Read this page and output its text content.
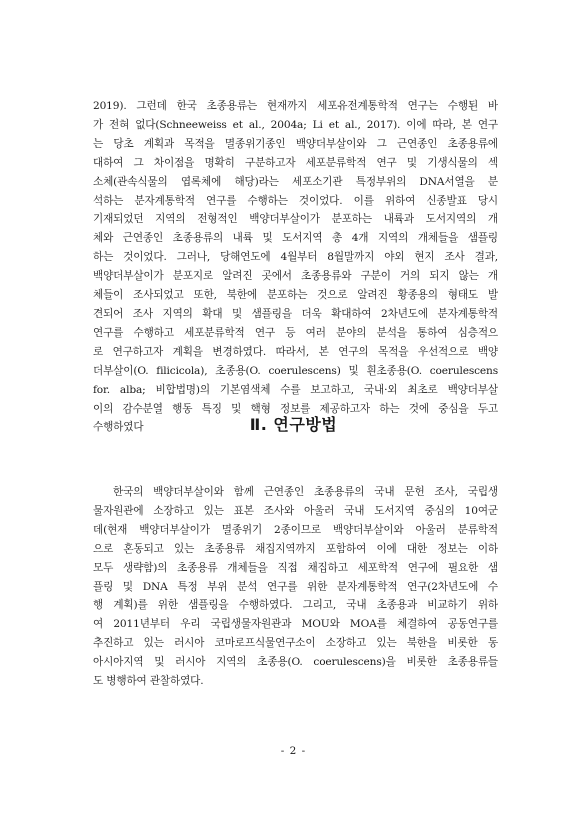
2019). 그런데 한국 초종용류는 현재까지 세포유전계통학적 연구는 수행된 바
가 전혀 없다(Schneeweiss et al., 2004a; Li et al., 2017). 이에 따라, 본 연구
는 당초 계획과 목적을 멸종위기종인 백양더부살이와 그 근연종인 초종용류에
대하여 그 차이점을 명확히 구분하고자 세포분류학적 연구 및 기생식물의 섹
소체(관속식물의 엽록체에 해당)라는 세포소기관 특정부위의 DNA서열을 분
석하는 분자계통학적 연구를 수행하는 것이었다. 이를 위하여 신종발표 당시
기재되었던 지역의 전형적인 백양더부살이가 분포하는 내륙과 도서지역의 개
체와 근연종인 초종용류의 내륙 및 도서지역 총 4개 지역의 개체들을 샘플링
하는 것이었다. 그러나, 당해연도에 4월부터 8월말까지 야외 현지 조사 결과,
백양더부살이가 분포지로 알려진 곳에서 초종용류와 구분이 거의 되지 않는 개
체들이 조사되었고 또한, 북한에 분포하는 것으로 알려진 황종용의 형태도 발
견되어 조사 지역의 확대 및 샘플링을 더욱 확대하여 2차년도에 분자계통학적
연구를 수행하고 세포분류학적 연구 등 여러 분야의 분석을 통하여 심층적으
로 연구하고자 계획을 변경하였다. 따라서, 본 연구의 목적을 우선적으로 백양
더부살이(O. filicicola), 초종용(O. coerulescens) 및 흰초종용(O. coerulescens
for. alba; 비합법명)의 기본염색체 수를 보고하고, 국내·외 최초로 백양더부살
이의 감수분열 행동 특징 및 핵형 정보를 제공하고자 하는 것에 중심을 두고
수행하였다	Ⅱ. 연구방법
한국의 백양더부살이와 함께 근연종인 초종용류의 국내 문헌 조사, 국립생
물자원관에 소장하고 있는 표본 조사와 아울러 국내 도서지역 중심의 10여군
데(현재 백양더부살이가 멸종위기 2종이므로 백양더부살이와 아울러 분류학적
으로 혼동되고 있는 초종용류 채집지역까지 포함하여 이에 대한 정보는 이하
모두 생략함)의 초종용류 개체들을 직접 채집하고 세포학적 연구에 필요한 샘
플링 및 DNA 특정 부위 분석 연구를 위한 분자계통학적 연구(2차년도에 수
행 계획)를 위한 샘플링을 수행하였다. 그리고, 국내 초종용과 비교하기 위하
여 2011년부터 우리 국립생물자원관과 MOU와 MOA를 체결하여 공동연구를
추진하고 있는 러시아 코마로프식물연구소이 소장하고 있는 북한을 비롯한 동
아시아지역 및 러시아 지역의 초종용(O. coerulescens)을 비롯한 초종용류들
도 병행하여 관찰하였다.
- 2 -
